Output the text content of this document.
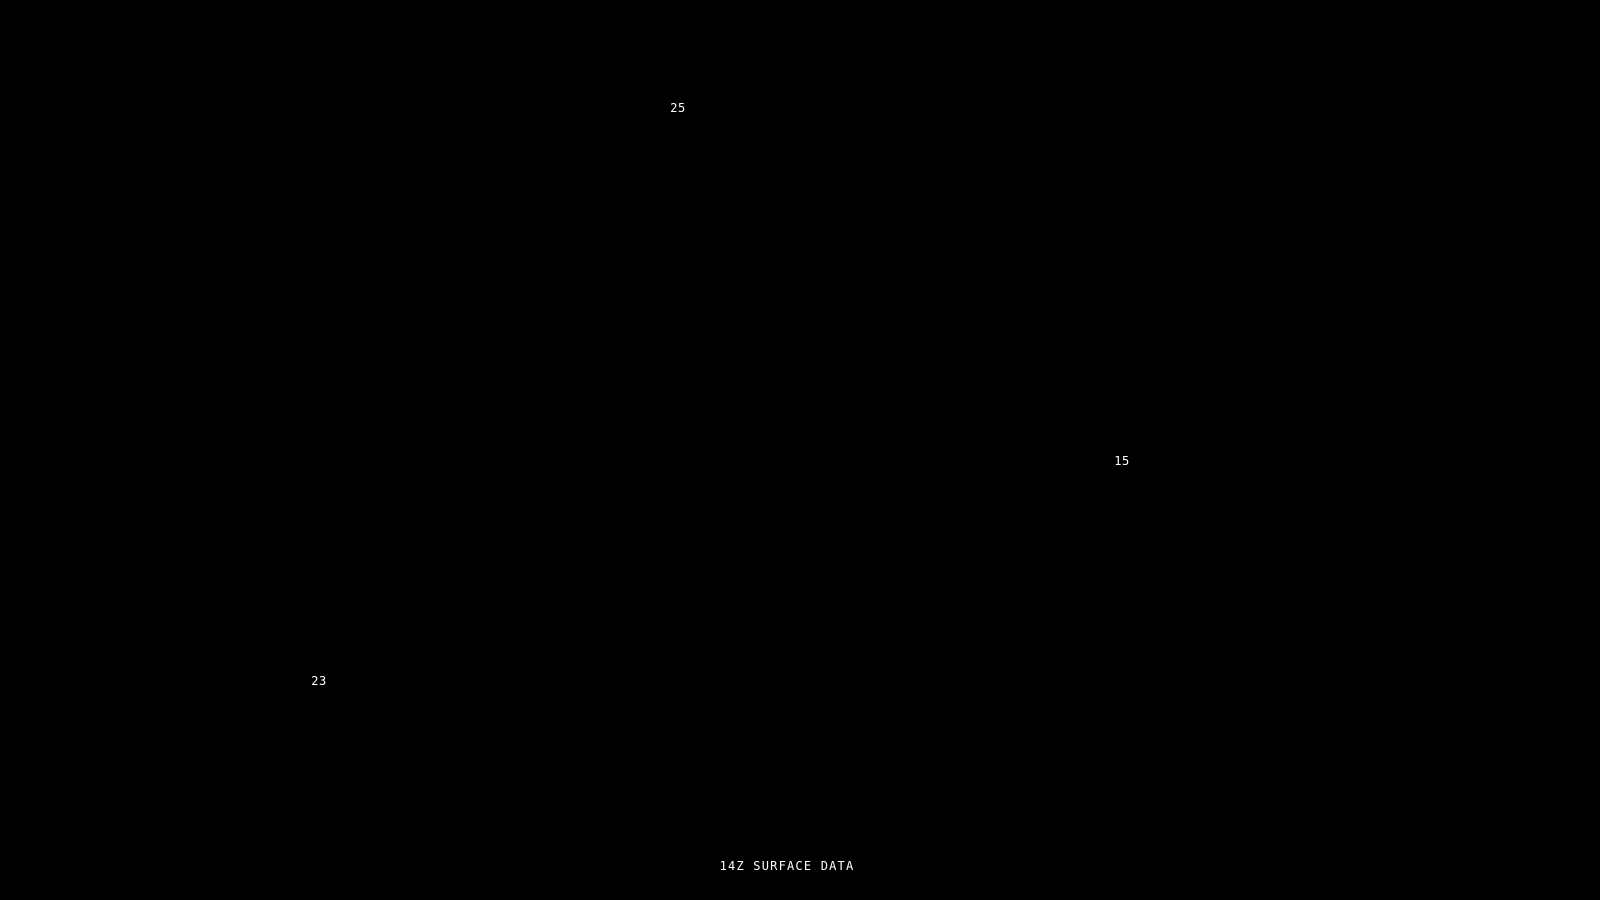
25
15
23
14Z SURFACE DATA
